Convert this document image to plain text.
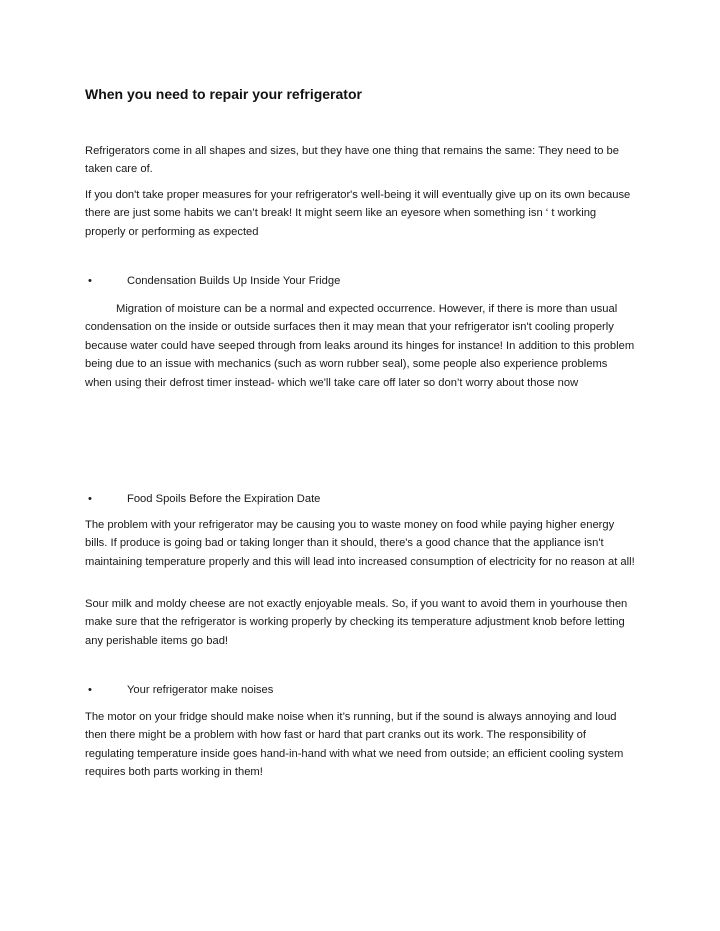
When you need to repair your refrigerator

Refrigerators come in all shapes and sizes, but they have one thing that remains the same: They need to be taken care of.

If you don't take proper measures for your refrigerator's well-being it will eventually give up on its own because there are just some habits we can’t break! It might seem like an eyesore when something isn ‘ t working properly or performing as expected

•	Condensation Builds Up Inside Your Fridge

Migration of moisture can be a normal and expected occurrence. However, if there is more than usual condensation on the inside or outside surfaces then it may mean that your refrigerator isn't cooling properly because water could have seeped through from leaks around its hinges for instance! In addition to this problem being due to an issue with mechanics (such as worn rubber seal), some people also experience problems when using their defrost timer instead- which we'll take care off later so don’t worry about those now

•	Food Spoils Before the Expiration Date

The problem with your refrigerator may be causing you to waste money on food while paying higher energy bills. If produce is going bad or taking longer than it should, there's a good chance that the appliance isn't maintaining temperature properly and this will lead into increased consumption of electricity for no reason at all!

Sour milk and moldy cheese are not exactly enjoyable meals. So, if you want to avoid them in yourhouse then make sure that the refrigerator is working properly by checking its temperature adjustment knob before letting any perishable items go bad!

•	Your refrigerator make noises

The motor on your fridge should make noise when it’s running, but if the sound is always annoying and loud then there might be a problem with how fast or hard that part cranks out its work. The responsibility of regulating temperature inside goes hand-in-hand with what we need from outside; an efficient cooling system requires both parts working in them!
